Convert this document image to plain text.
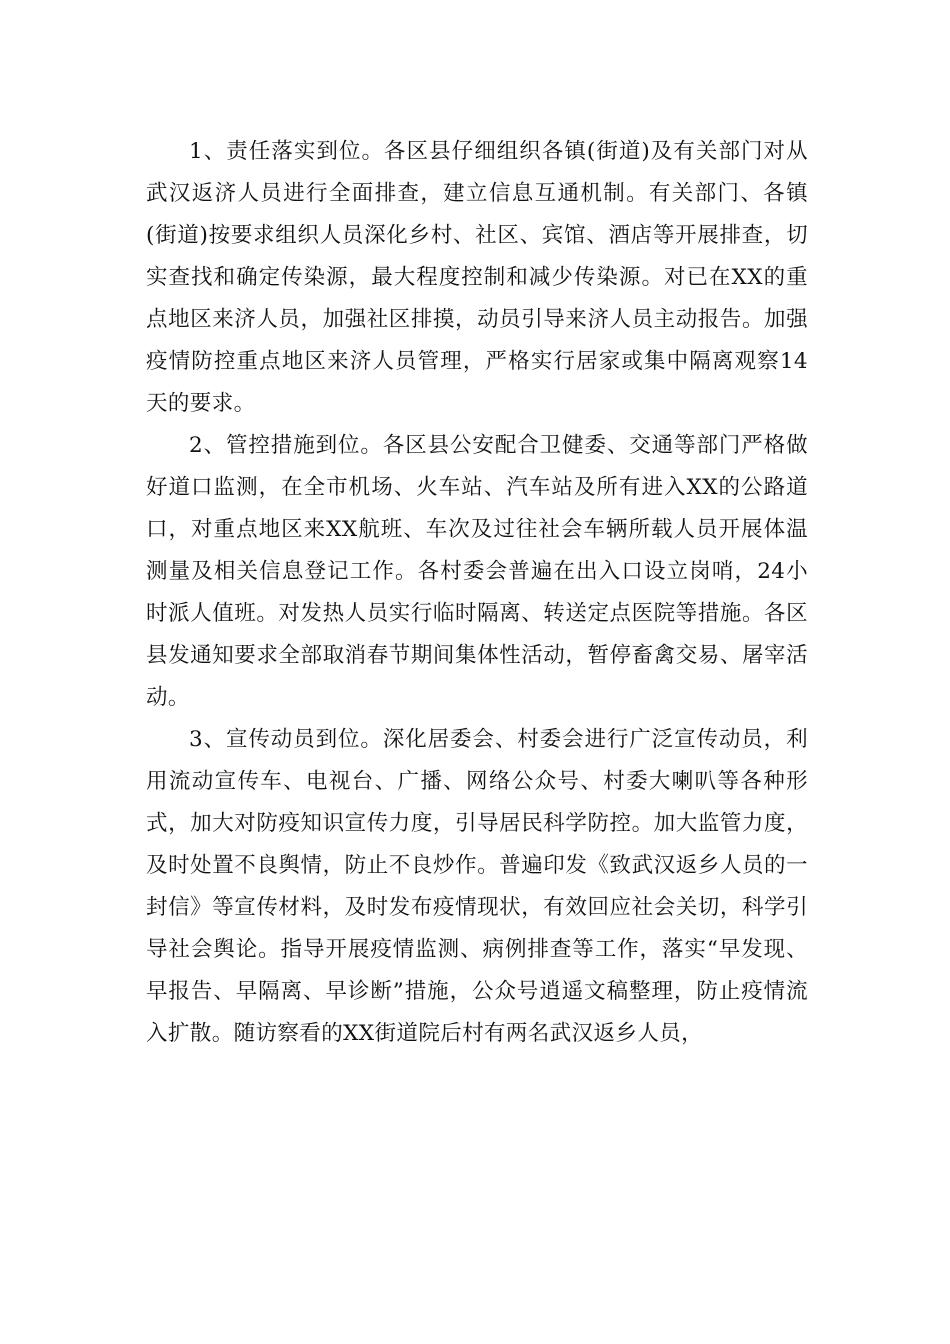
1、责任落实到位。各区县仔细组织各镇(街道)及有关部门对从武汉返济人员进行全面排查，建立信息互通机制。有关部门、各镇(街道)按要求组织人员深化乡村、社区、宾馆、酒店等开展排查，切实查找和确定传染源，最大程度控制和减少传染源。对已在XX的重点地区来济人员，加强社区排摸，动员引导来济人员主动报告。加强疫情防控重点地区来济人员管理，严格实行居家或集中隔离观察14天的要求。

2、管控措施到位。各区县公安配合卫健委、交通等部门严格做好道口监测，在全市机场、火车站、汽车站及所有进入XX的公路道口，对重点地区来XX航班、车次及过往社会车辆所载人员开展体温测量及相关信息登记工作。各村委会普遍在出入口设立岗哨，24小时派人值班。对发热人员实行临时隔离、转送定点医院等措施。各区县发通知要求全部取消春节期间集体性活动，暂停畜禽交易、屠宰活动。

3、宣传动员到位。深化居委会、村委会进行广泛宣传动员，利用流动宣传车、电视台、广播、网络公众号、村委大喇叭等各种形式，加大对防疫知识宣传力度，引导居民科学防控。加大监管力度，及时处置不良舆情，防止不良炒作。普遍印发《致武汉返乡人员的一封信》等宣传材料，及时发布疫情现状，有效回应社会关切，科学引导社会舆论。指导开展疫情监测、病例排查等工作，落实“早发现、早报告、早隔离、早诊断”措施，公众号逍遥文稿整理，防止疫情流入扩散。随访察看的XX街道院后村有两名武汉返乡人员，
